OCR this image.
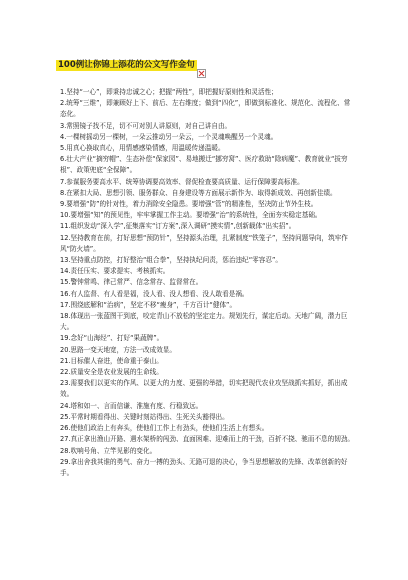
100例让你锦上添花的公文写作金句
1.坚持“一心”，即秉持忠诚之心；把握“两性”，即把握好原则性和灵活性；
2.统筹“三维”，即兼顾好上下、前后、左右维度；做到“四化”，即做到标准化、规范化、流程化、常态化。
3.常照镜子找不足，切不可对别人讲原则，对自己讲自由。
4.一棵树摇动另一棵树，一朵云推动另一朵云，一个灵魂唤醒另一个灵魂。
5.用真心换取真心，用情感感染情感，用温暖传递温暖。
6.壮大产业“摘穷帽”、生态补偿“保家园”、易地搬迁“挪穷窝”、医疗救助“除病魔”、教育就业“拔穷根”、政策兜底“全保障”。
7.参谋服务要高水平、统筹协调要高效率、督促检查要高质量、运行保障要高标准。
8.在紧扣大局、思想引领、服务群众、自身建设等方面展示新作为、取得新成效、再创新佳绩。
9.要增强“防”的针对性，着力消除安全隐患。要增强“管”的精准性，坚决防止节外生枝。
10.要增强“知”的预见性，牢牢掌握工作主动。要增强“治”的系统性，全面夯实稳定基础。
11.组织发动“深入学”,征集落实“订方案”,深入调研“摸实情”,创新载体“出实招”。
12.坚持教育在前，打好思想“预防针”，坚持源头治理，扎紧制度“铁笼子”，坚持问题导向，筑牢作风“防火墙”。
13.坚持重点防控，打好整治“组合拳”，坚持执纪问责，惩治违纪“零容忍”。
14.责任压实、要求提实、考核抓实。
15.警钟常鸣、律己常严、信念常存、监督常在。
16.有人监督、有人看是福，没人看、没人想看、没人敢看是祸。
17.围绕底解和“治病”，坚定不移“瘦身”，千方百计“健体”。
18.体现出一张蓝图干到底，咬定青山不放松的坚定定力。规划先行，谋定后动。天地广阔，潜力巨大。
19.念好“山海经”、打好“果蔬牌”。
20.思路一变天地宽，方法一改成效显。
21.目标催人奋进，使命重于泰山。
22.质量安全是农业发展的生命线。
23.需要我们以更实的作风、以更大的力度、更强的举措，切实把现代农业攻坚战抓实抓好，抓出成效。
24.塔和如一、言而信谦、淮施有度、行稳致远。
25.平常时期看得出、关键时刻站得出、生死关头豁得出。
26.使他们政治上有奔头，使他们工作上有劲头，使他们生活上有想头。
27.真正拿出渔山开路、遇水架桥的闯劲、直面困难、迎难而上的干劲，百折不挠、驰而不息的韧劲。
28.吹响号角、立竿见影的变化。
29.拿出舍我其谁的勇气、奋力一搏的劲头、无路可退的决心，争当思想解放的先锋、改革创新的好手。
